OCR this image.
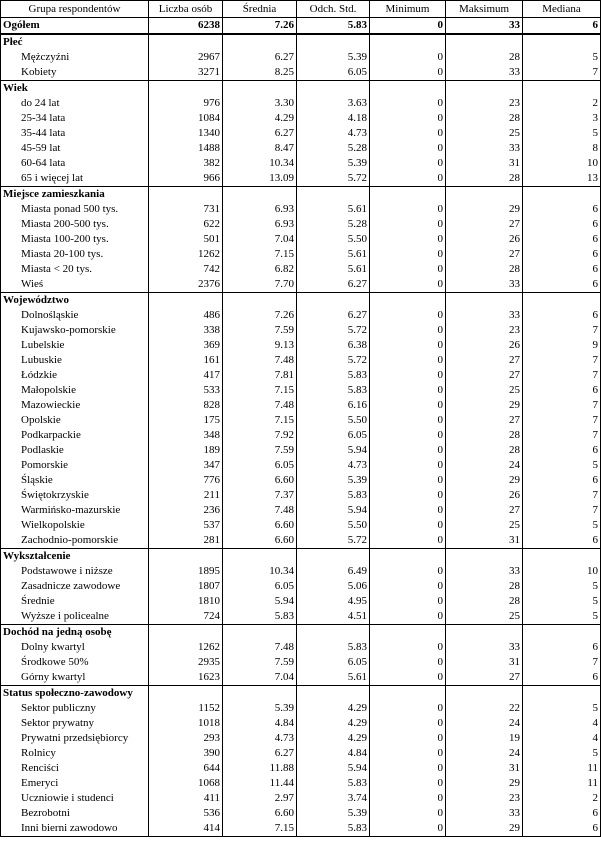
Grupa respondentów	Liczba osób	Średnia	Odch. Std.	Minimum	Maksimum	Mediana
Ogółem	6238	7.26	5.83	0	33	6
Płeć						
Mężczyźni	2967	6.27	5.39	0	28	5
Kobiety	3271	8.25	6.05	0	33	7
Wiek						
do 24 lat	976	3.30	3.63	0	23	2
25-34 lata	1084	4.29	4.18	0	28	3
35-44 lata	1340	6.27	4.73	0	25	5
45-59 lat	1488	8.47	5.28	0	33	8
60-64 lata	382	10.34	5.39	0	31	10
65 i więcej lat	966	13.09	5.72	0	28	13
Miejsce zamieszkania						
Miasta ponad 500 tys.	731	6.93	5.61	0	29	6
Miasta 200-500 tys.	622	6.93	5.28	0	27	6
Miasta 100-200 tys.	501	7.04	5.50	0	26	6
Miasta 20-100 tys.	1262	7.15	5.61	0	27	6
Miasta < 20 tys.	742	6.82	5.61	0	28	6
Wieś	2376	7.70	6.27	0	33	6
Województwo						
Dolnośląskie	486	7.26	6.27	0	33	6
Kujawsko-pomorskie	338	7.59	5.72	0	23	7
Lubelskie	369	9.13	6.38	0	26	9
Lubuskie	161	7.48	5.72	0	27	7
Łódzkie	417	7.81	5.83	0	27	7
Małopolskie	533	7.15	5.83	0	25	6
Mazowieckie	828	7.48	6.16	0	29	7
Opolskie	175	7.15	5.50	0	27	7
Podkarpackie	348	7.92	6.05	0	28	7
Podlaskie	189	7.59	5.94	0	28	6
Pomorskie	347	6.05	4.73	0	24	5
Śląskie	776	6.60	5.39	0	29	6
Świętokrzyskie	211	7.37	5.83	0	26	7
Warmińsko-mazurskie	236	7.48	5.94	0	27	7
Wielkopolskie	537	6.60	5.50	0	25	5
Zachodnio-pomorskie	281	6.60	5.72	0	31	6
Wykształcenie						
Podstawowe i niższe	1895	10.34	6.49	0	33	10
Zasadnicze zawodowe	1807	6.05	5.06	0	28	5
Średnie	1810	5.94	4.95	0	28	5
Wyższe i policealne	724	5.83	4.51	0	25	5
Dochód na jedną osobę						
Dolny kwartyl	1262	7.48	5.83	0	33	6
Środkowe 50%	2935	7.59	6.05	0	31	7
Górny kwartyl	1623	7.04	5.61	0	27	6
Status społeczno-zawodowy						
Sektor publiczny	1152	5.39	4.29	0	22	5
Sektor prywatny	1018	4.84	4.29	0	24	4
Prywatni przedsiębiorcy	293	4.73	4.29	0	19	4
Rolnicy	390	6.27	4.84	0	24	5
Renciści	644	11.88	5.94	0	31	11
Emeryci	1068	11.44	5.83	0	29	11
Uczniowie i studenci	411	2.97	3.74	0	23	2
Bezrobotni	536	6.60	5.39	0	33	6
Inni bierni zawodowo	414	7.15	5.83	0	29	6
